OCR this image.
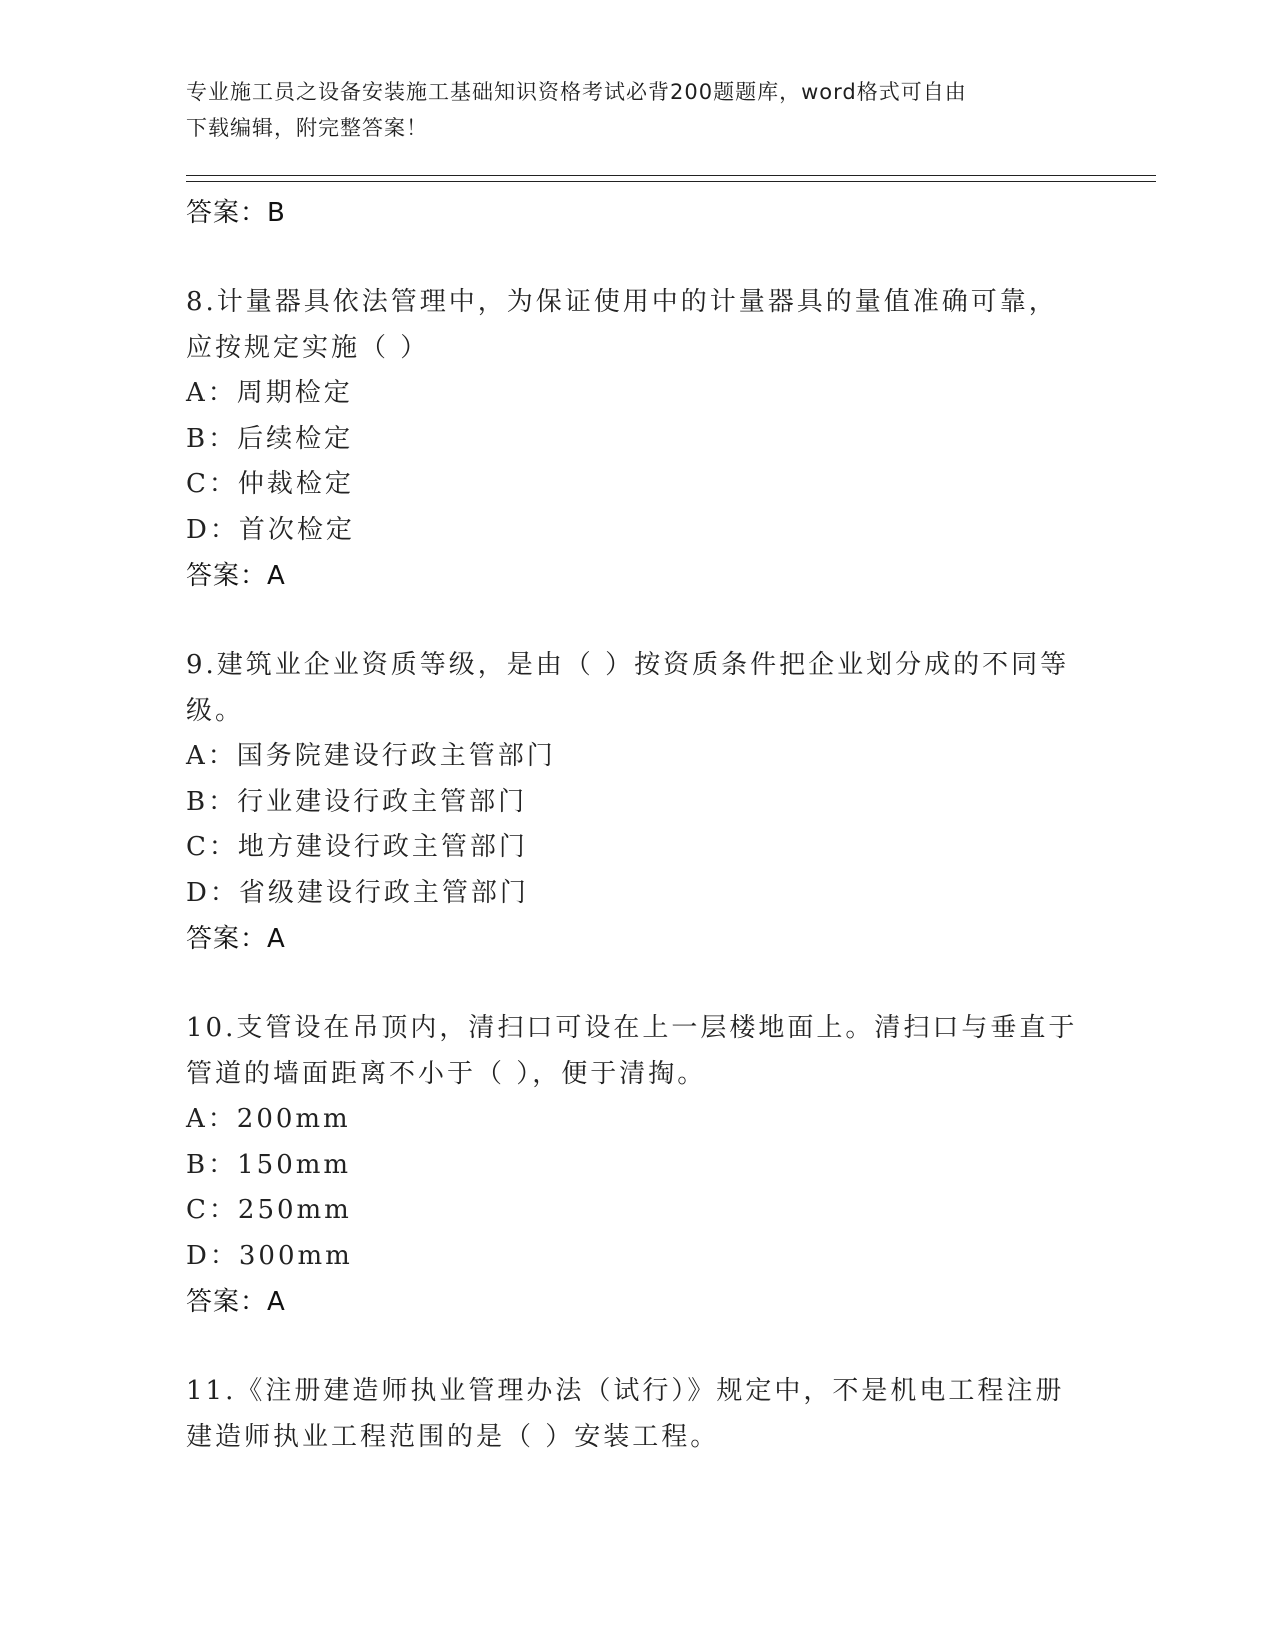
专业施工员之设备安装施工基础知识资格考试必背200题题库，word格式可自由
下载编辑，附完整答案！

答案：B

8.计量器具依法管理中，为保证使用中的计量器具的量值准确可靠，

应按规定实施（ ）

A：周期检定

B：后续检定

C：仲裁检定

D：首次检定

答案：A

9.建筑业企业资质等级，是由（ ）按资质条件把企业划分成的不同等

级。

A：国务院建设行政主管部门

B：行业建设行政主管部门

C：地方建设行政主管部门

D：省级建设行政主管部门

答案：A

10.支管设在吊顶内，清扫口可设在上一层楼地面上。清扫口与垂直于

管道的墙面距离不小于（ ），便于清掏。

A：200mm

B：150mm

C：250mm

D：300mm

答案：A

11.《注册建造师执业管理办法（试行）》规定中，不是机电工程注册

建造师执业工程范围的是（ ）安装工程。
